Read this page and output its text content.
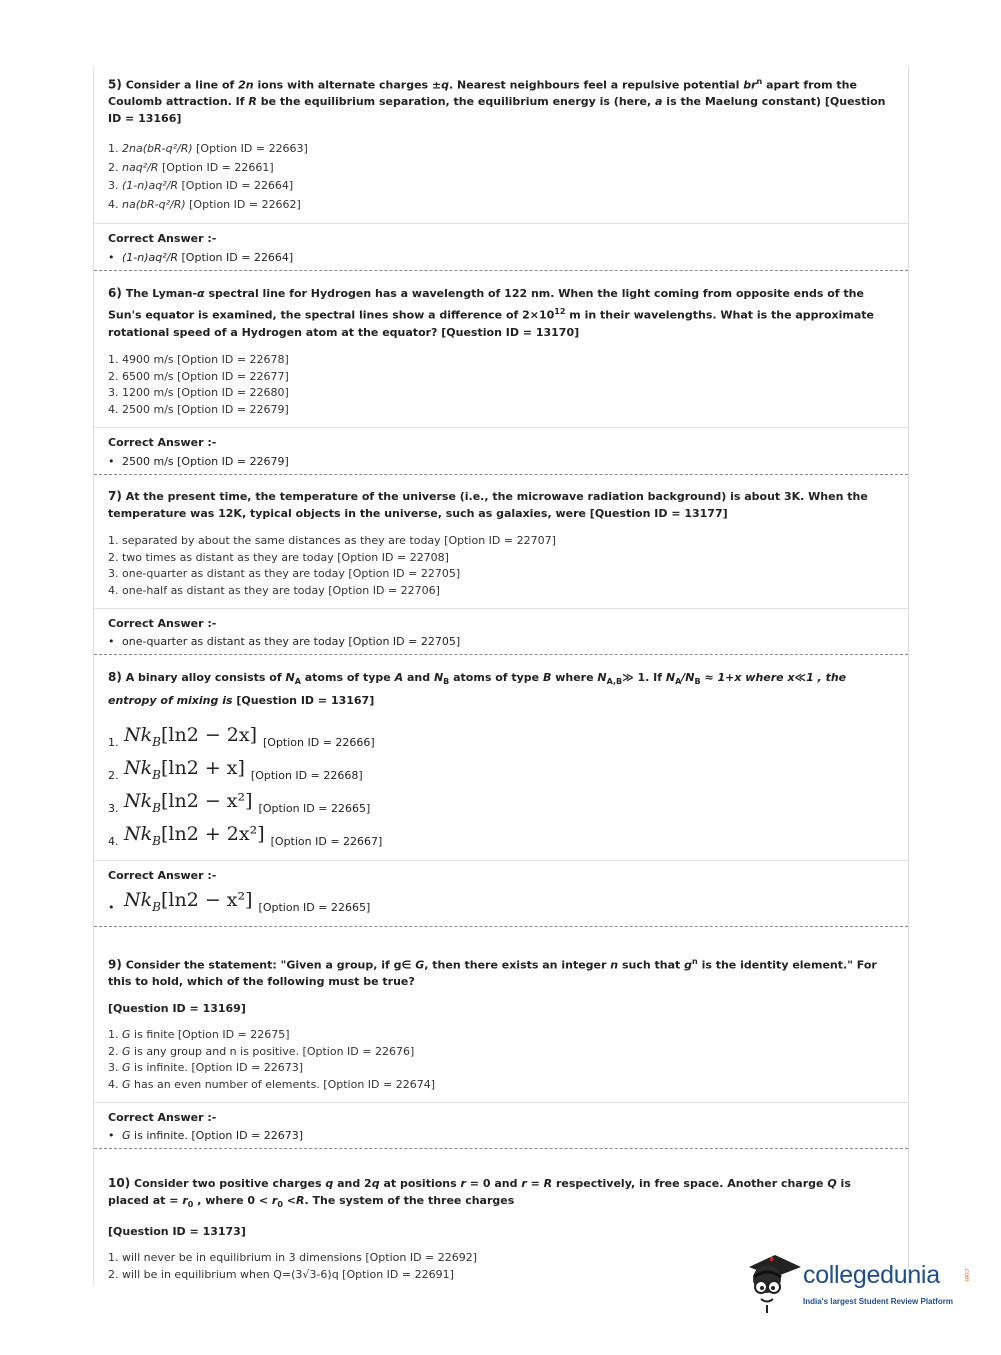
5) Consider a line of 2n ions with alternate charges ±q. Nearest neighbours feel a repulsive potential $br^n$ apart from the Coulomb attraction. If R be the equilibrium separation, the equilibrium energy is (here, a is the Maelung constant) [Question ID = 13166]
1. 2na(bR-q²/R) [Option ID = 22663]
2. naq²/R [Option ID = 22661]
3. (1-n)aq²/R [Option ID = 22664]
4. na(bR-q²/R) [Option ID = 22662]
Correct Answer :-
• (1-n)aq²/R [Option ID = 22664]
6) The Lyman-α spectral line for Hydrogen has a wavelength of 122 nm. When the light coming from opposite ends of the Sun's equator is examined, the spectral lines show a difference of $2\times 10^{12}$ m in their wavelengths. What is the approximate rotational speed of a Hydrogen atom at the equator? [Question ID = 13170]
1. 4900 m/s [Option ID = 22678]
2. 6500 m/s [Option ID = 22677]
3. 1200 m/s [Option ID = 22680]
4. 2500 m/s [Option ID = 22679]
Correct Answer :-
• 2500 m/s [Option ID = 22679]
7) At the present time, the temperature of the universe (i.e., the microwave radiation background) is about 3K. When the temperature was 12K, typical objects in the universe, such as galaxies, were [Question ID = 13177]
1. separated by about the same distances as they are today [Option ID = 22707]
2. two times as distant as they are today [Option ID = 22708]
3. one-quarter as distant as they are today [Option ID = 22705]
4. one-half as distant as they are today [Option ID = 22706]
Correct Answer :-
• one-quarter as distant as they are today [Option ID = 22705]
8) A binary alloy consists of $N_A$ atoms of type A and $N_B$ atoms of type B where $N_{A,B}≫$ 1. If $N_A/N_B \approx 1+x$ where x≪1 , the entropy of mixing is [Question ID = 13167]
1. $Nk_B[\ln 2 - 2x]$ [Option ID = 22666]
2. $Nk_B[\ln 2 + x]$ [Option ID = 22668]
3. $Nk_B[\ln 2 - x^2]$ [Option ID = 22665]
4. $Nk_B[\ln 2 + 2x^2]$ [Option ID = 22667]
Correct Answer :-
• $Nk_B[\ln 2 - x^2]$ [Option ID = 22665]
9) Consider the statement: "Given a group, if g∈ G, then there exists an integer n such that $g^n$ is the identity element." For this to hold, which of the following must be true?
[Question ID = 13169]
1. G is finite [Option ID = 22675]
2. G is any group and n is positive. [Option ID = 22676]
3. G is infinite. [Option ID = 22673]
4. G has an even number of elements. [Option ID = 22674]
Correct Answer :-
• G is infinite. [Option ID = 22673]
10) Consider two positive charges q and 2q at positions r = 0 and r = R respectively, in free space. Another charge Q is placed at = $r_0$ , where $0 < r_0 <R$. The system of the three charges
[Question ID = 13173]
1. will never be in equilibrium in 3 dimensions [Option ID = 22692]
2. will be in equilibrium when Q=(3√3-6)q [Option ID = 22691]	collegedunia	.com
India's largest Student Review Platform
